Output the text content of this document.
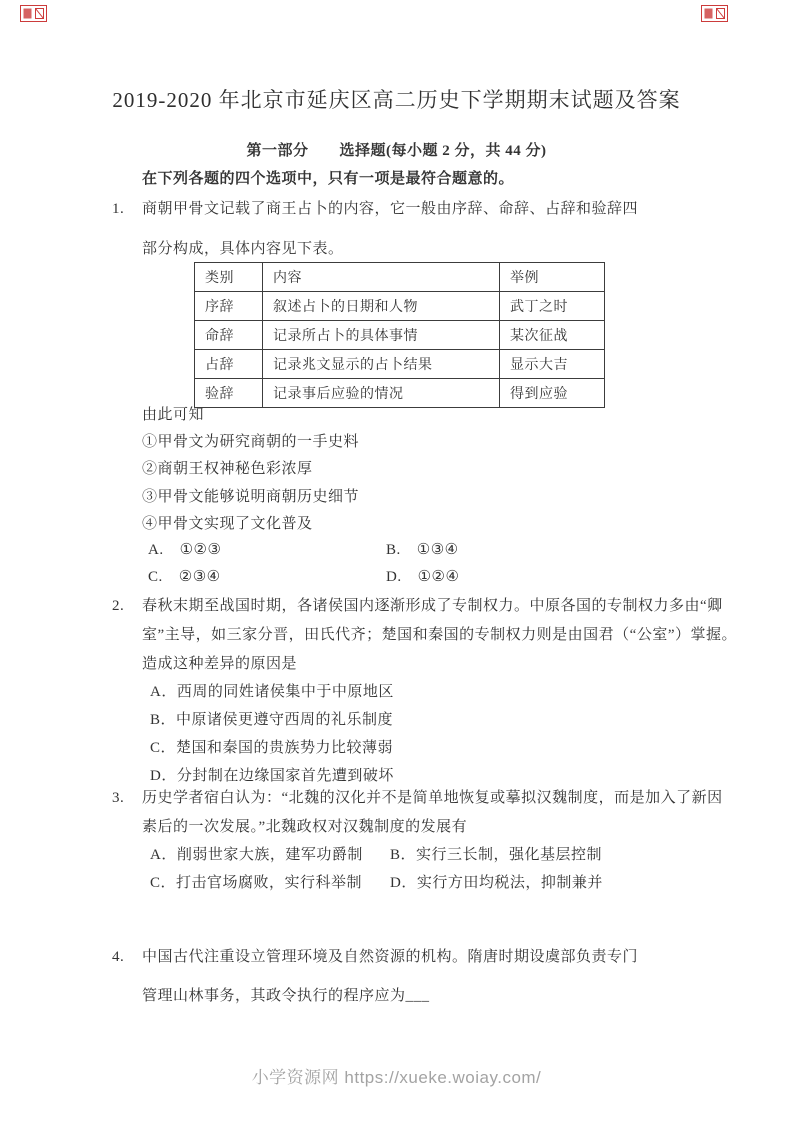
2019-2020 年北京市延庆区高二历史下学期期末试题及答案
第一部分　　选择题(每小题 2 分，共 44 分)
在下列各题的四个选项中，只有一项是最符合题意的。
1. 商朝甲骨文记载了商王占卜的内容，它一般由序辞、命辞、占辞和验辞四
部分构成，具体内容见下表。
类别	内容	举例
序辞	叙述占卜的日期和人物	武丁之时
命辞	记录所占卜的具体事情	某次征战
占辞	记录兆文显示的占卜结果	显示大吉
验辞	记录事后应验的情况	得到应验
由此可知
①甲骨文为研究商朝的一手史料
②商朝王权神秘色彩浓厚
③甲骨文能够说明商朝历史细节
④甲骨文实现了文化普及
A. ①②③	B. ①③④
C. ②③④	D. ①②④
2. 春秋末期至战国时期，各诸侯国内逐渐形成了专制权力。中原各国的专制权力多由“卿
室”主导，如三家分晋，田氏代齐；楚国和秦国的专制权力则是由国君（“公室”）掌握。
造成这种差异的原因是
A．西周的同姓诸侯集中于中原地区
B．中原诸侯更遵守西周的礼乐制度
C．楚国和秦国的贵族势力比较薄弱
D．分封制在边缘国家首先遭到破坏
3. 历史学者宿白认为：“北魏的汉化并不是简单地恢复或摹拟汉魏制度，而是加入了新因
素后的一次发展。”北魏政权对汉魏制度的发展有
A．削弱世家大族，建军功爵制 B．实行三长制，强化基层控制
C．打击官场腐败，实行科举制 D．实行方田均税法，抑制兼并
4. 中国古代注重设立管理环境及自然资源的机构。隋唐时期设虞部负责专门
管理山林事务，其政令执行的程序应为___
小学资源网 https://xueke.woiay.com/
